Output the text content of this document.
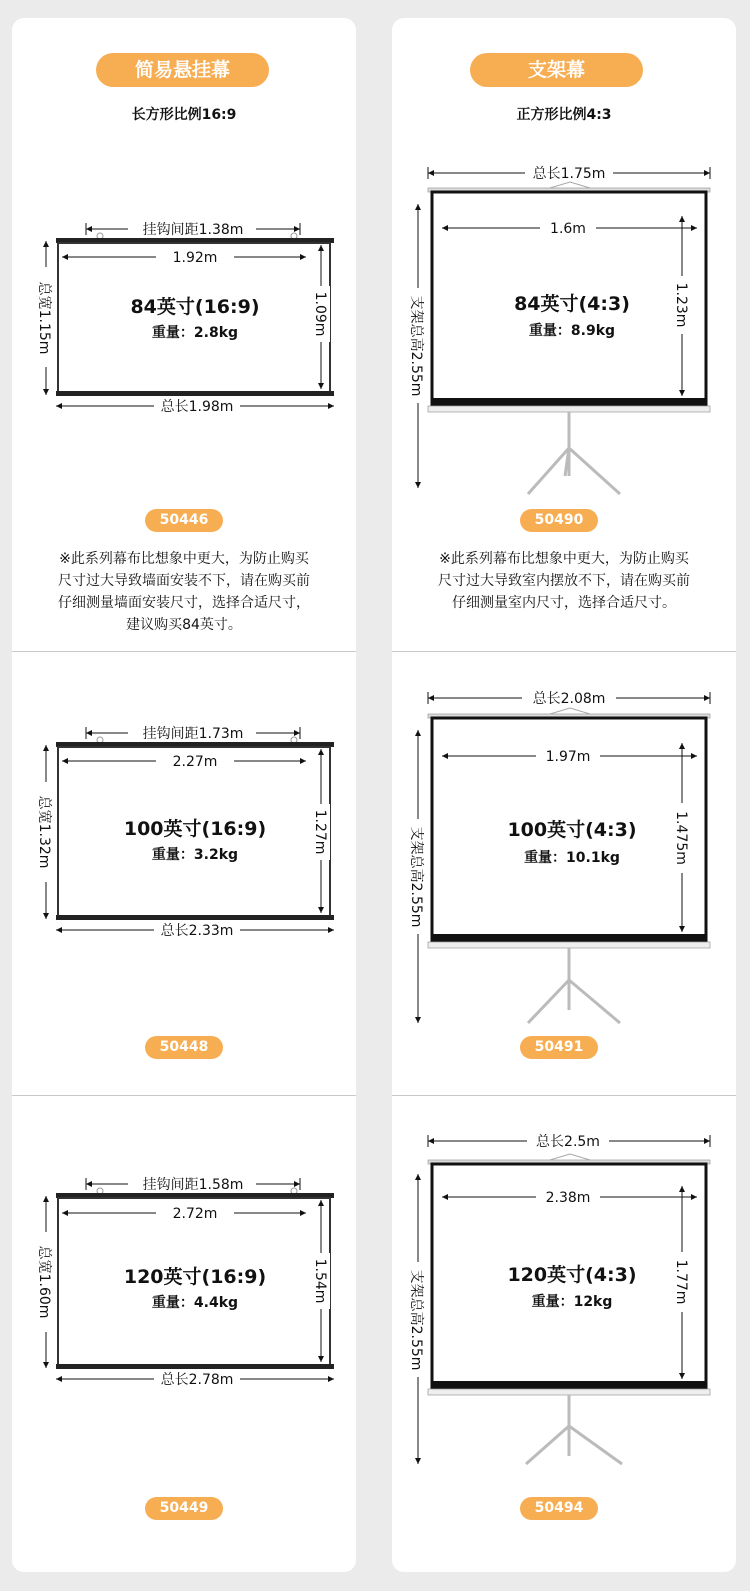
简易悬挂幕
长方形比例16:9
挂钩间距1.38m
1.92m
1.09m
总宽1.15m
总长1.98m
84英寸(16:9)
重量：2.8kg
50446
※此系列幕布比想象中更大，为防止购买
尺寸过大导致墙面安装不下，请在购买前
仔细测量墙面安装尺寸，选择合适尺寸，
建议购买84英寸。
挂钩间距1.73m
2.27m
1.27m
总宽1.32m
总长2.33m
100英寸(16:9)
重量：3.2kg
50448
挂钩间距1.58m
2.72m
1.54m
总宽1.60m
总长2.78m
120英寸(16:9)
重量：4.4kg
50449
支架幕
正方形比例4:3
总长1.75m
1.6m
1.23m
支架总高2.55m	84英寸(4:3)
重量：8.9kg
50490
※此系列幕布比想象中更大，为防止购买
尺寸过大导致室内摆放不下，请在购买前
仔细测量室内尺寸，选择合适尺寸。
总长2.08m
1.97m
1.475m
支架总高2.55m	100英寸(4:3)
重量：10.1kg
50491
总长2.5m
2.38m
1.77m
支架总高2.55m	120英寸(4:3)
重量：12kg
50494
